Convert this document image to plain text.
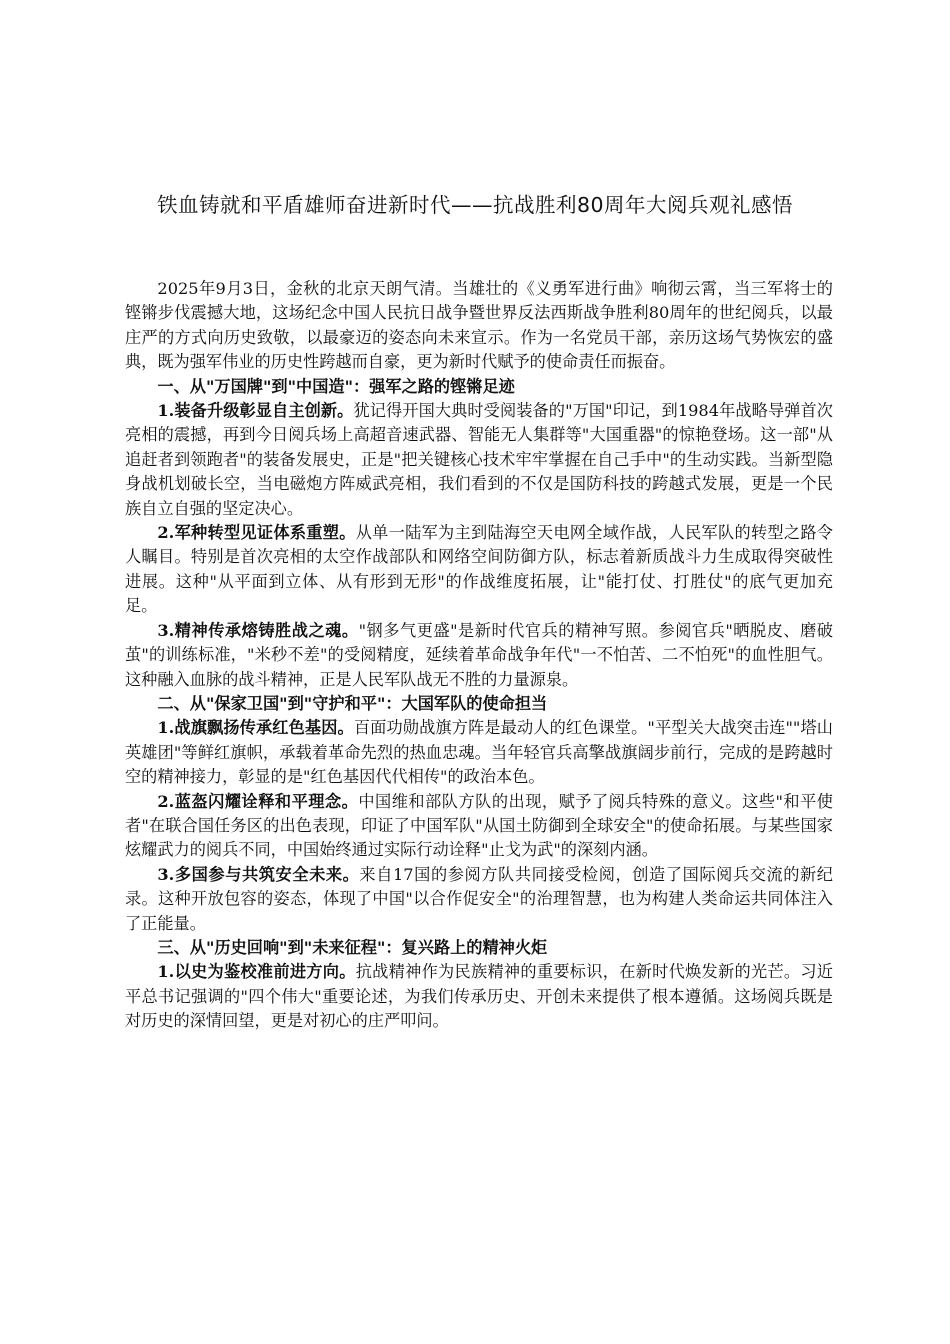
铁血铸就和平盾雄师奋进新时代——抗战胜利80周年大阅兵观礼感悟

2025年9月3日，金秋的北京天朗气清。当雄壮的《义勇军进行曲》响彻云霄，当三军将士的铿锵步伐震撼大地，这场纪念中国人民抗日战争暨世界反法西斯战争胜利80周年的世纪阅兵，以最庄严的方式向历史致敬，以最豪迈的姿态向未来宣示。作为一名党员干部，亲历这场气势恢宏的盛典，既为强军伟业的历史性跨越而自豪，更为新时代赋予的使命责任而振奋。

一、从"万国牌"到"中国造"：强军之路的铿锵足迹

1.装备升级彰显自主创新。犹记得开国大典时受阅装备的"万国"印记，到1984年战略导弹首次亮相的震撼，再到今日阅兵场上高超音速武器、智能无人集群等"大国重器"的惊艳登场。这一部"从追赶者到领跑者"的装备发展史，正是"把关键核心技术牢牢掌握在自己手中"的生动实践。当新型隐身战机划破长空，当电磁炮方阵威武亮相，我们看到的不仅是国防科技的跨越式发展，更是一个民族自立自强的坚定决心。

2.军种转型见证体系重塑。从单一陆军为主到陆海空天电网全域作战，人民军队的转型之路令人瞩目。特别是首次亮相的太空作战部队和网络空间防御方队，标志着新质战斗力生成取得突破性进展。这种"从平面到立体、从有形到无形"的作战维度拓展，让"能打仗、打胜仗"的底气更加充足。

3.精神传承熔铸胜战之魂。"钢多气更盛"是新时代官兵的精神写照。参阅官兵"晒脱皮、磨破茧"的训练标准，"米秒不差"的受阅精度，延续着革命战争年代"一不怕苦、二不怕死"的血性胆气。这种融入血脉的战斗精神，正是人民军队战无不胜的力量源泉。

二、从"保家卫国"到"守护和平"：大国军队的使命担当

1.战旗飘扬传承红色基因。百面功勋战旗方阵是最动人的红色课堂。"平型关大战突击连""塔山英雄团"等鲜红旗帜，承载着革命先烈的热血忠魂。当年轻官兵高擎战旗阔步前行，完成的是跨越时空的精神接力，彰显的是"红色基因代代相传"的政治本色。

2.蓝盔闪耀诠释和平理念。中国维和部队方队的出现，赋予了阅兵特殊的意义。这些"和平使者"在联合国任务区的出色表现，印证了中国军队"从国土防御到全球安全"的使命拓展。与某些国家炫耀武力的阅兵不同，中国始终通过实际行动诠释"止戈为武"的深刻内涵。

3.多国参与共筑安全未来。来自17国的参阅方队共同接受检阅，创造了国际阅兵交流的新纪录。这种开放包容的姿态，体现了中国"以合作促安全"的治理智慧，也为构建人类命运共同体注入了正能量。

三、从"历史回响"到"未来征程"：复兴路上的精神火炬

1.以史为鉴校准前进方向。抗战精神作为民族精神的重要标识，在新时代焕发新的光芒。习近平总书记强调的"四个伟大"重要论述，为我们传承历史、开创未来提供了根本遵循。这场阅兵既是对历史的深情回望，更是对初心的庄严叩问。
